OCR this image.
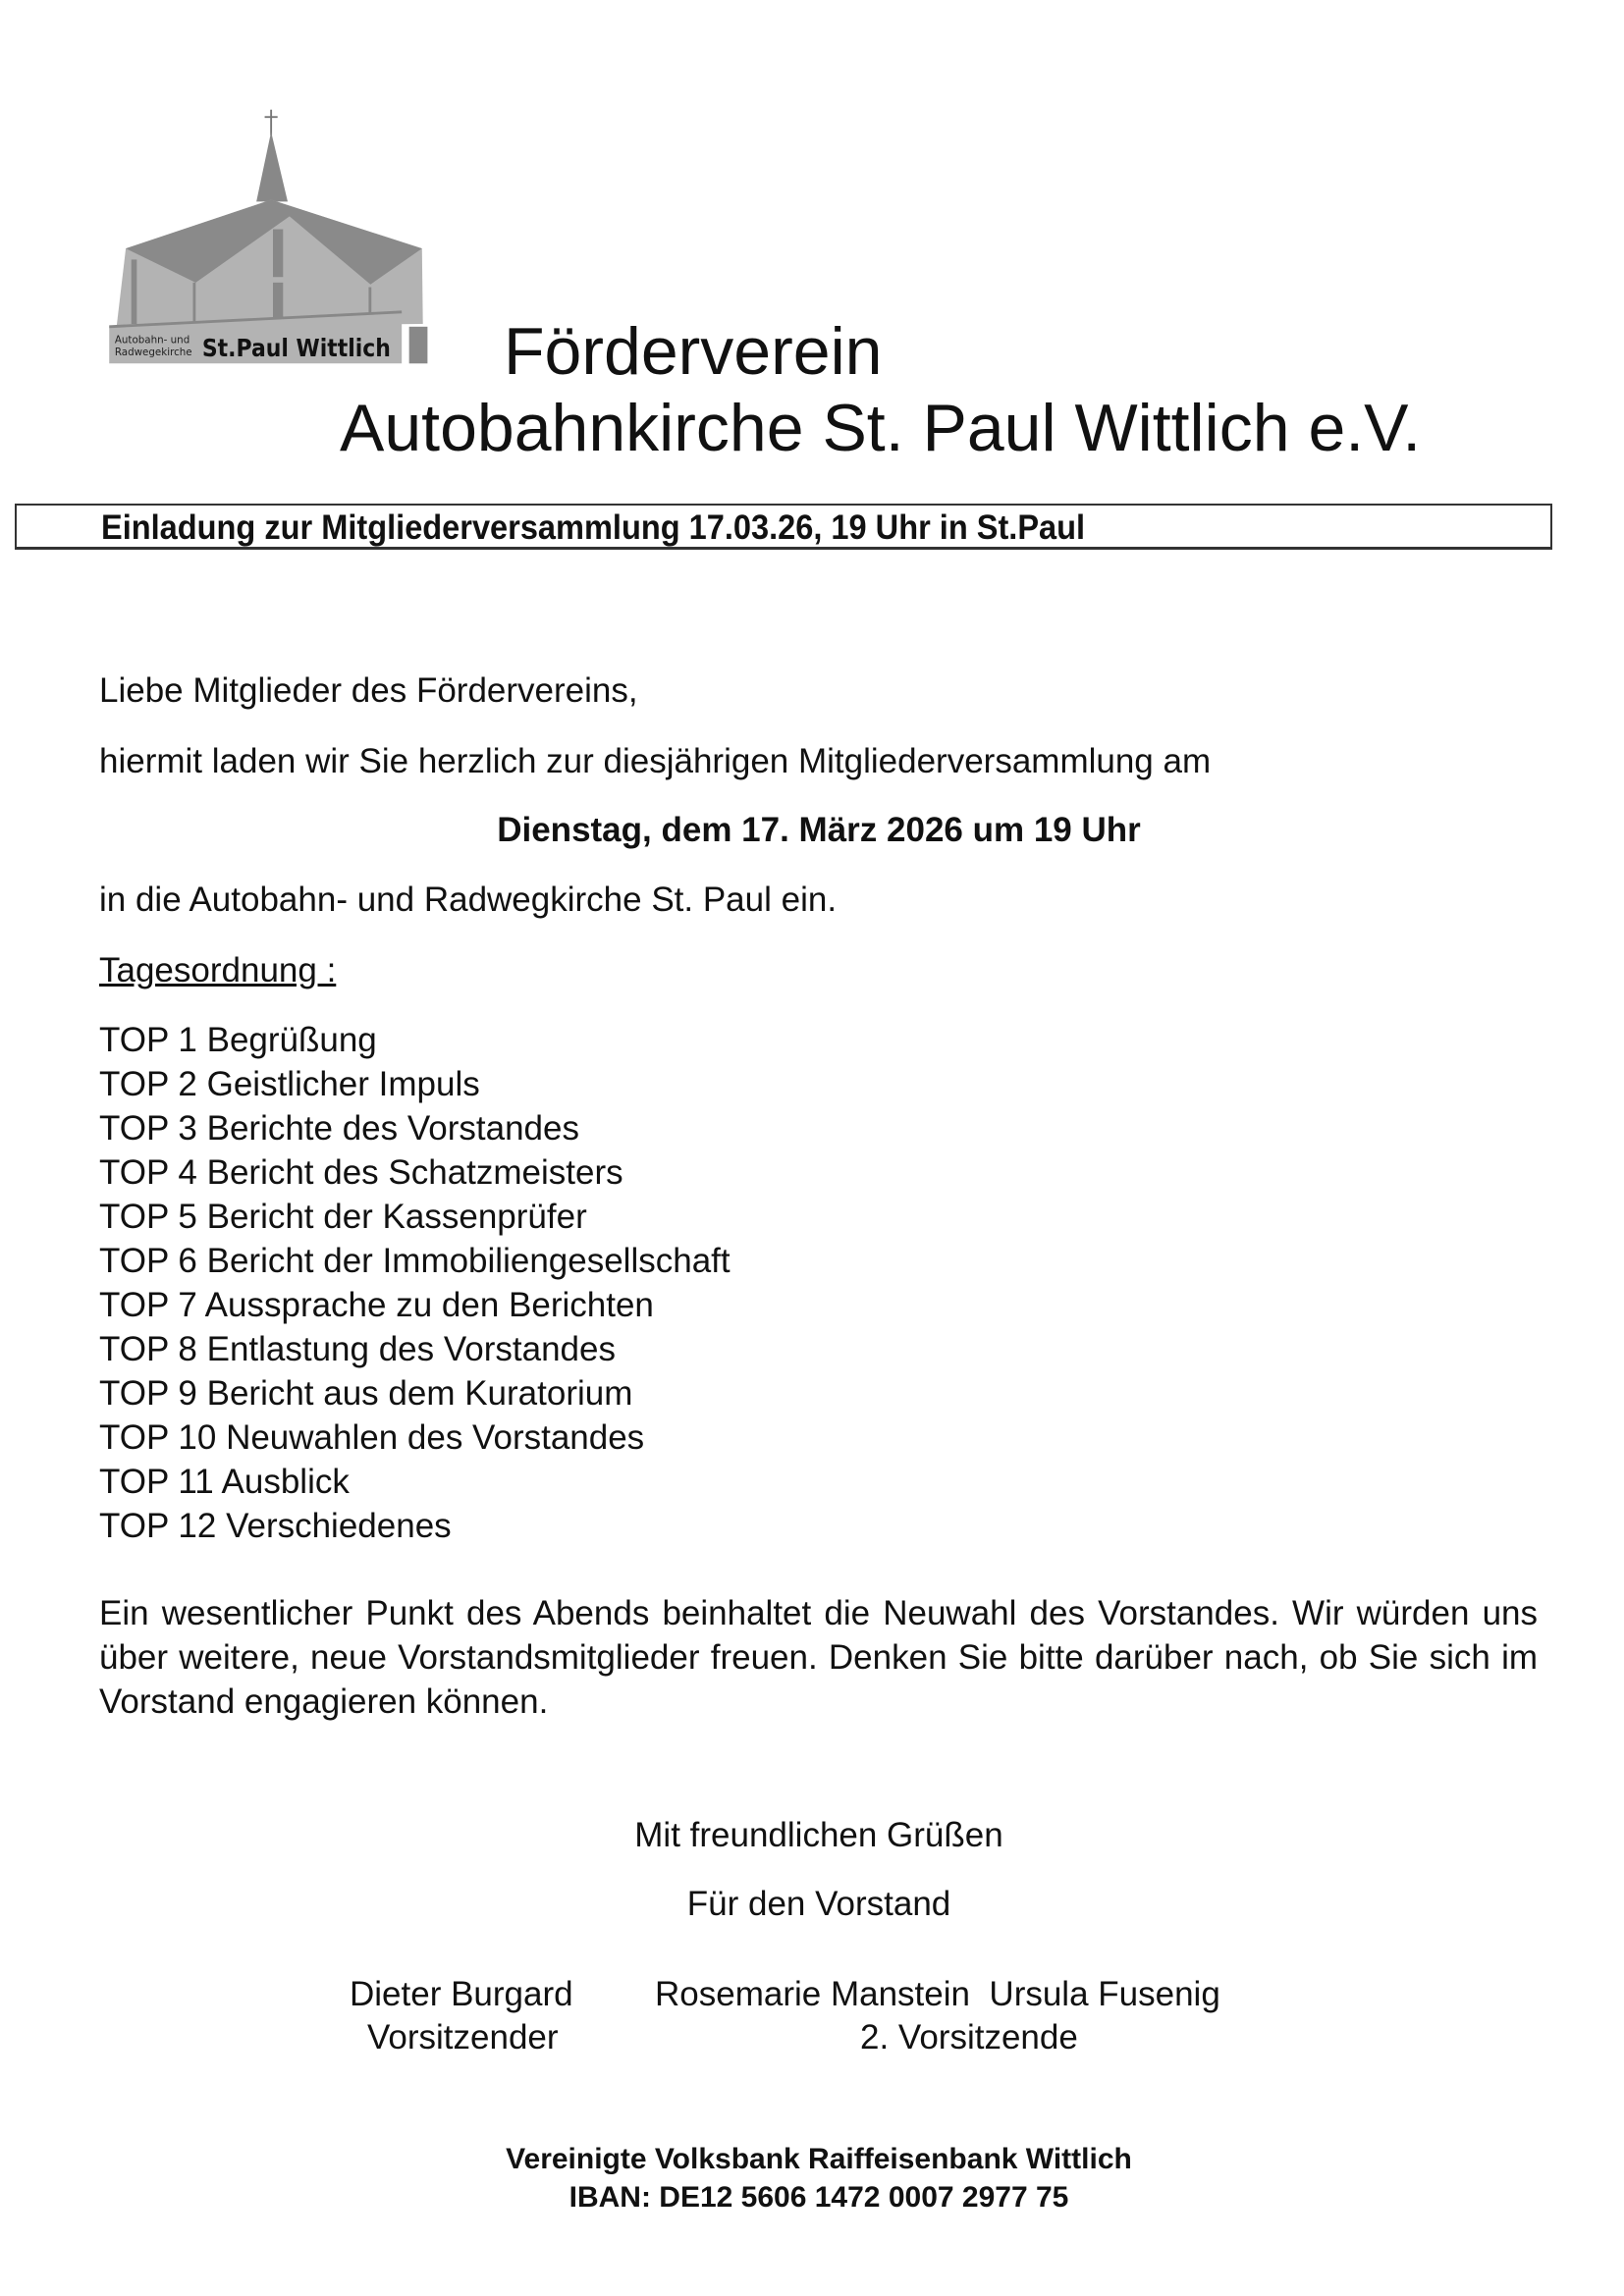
Autobahn- und
Radwegekirche St.Paul Wittlich Förderverein
Autobahnkirche St. Paul Wittlich e.V.
Einladung zur Mitgliederversammlung 17.03.26, 19 Uhr in St.Paul
Liebe Mitglieder des Fördervereins,
hiermit laden wir Sie herzlich zur diesjährigen Mitgliederversammlung am
Dienstag, dem 17. März 2026 um 19 Uhr
in die Autobahn- und Radwegkirche St. Paul ein.
Tagesordnung :
TOP 1 Begrüßung
TOP 2 Geistlicher Impuls
TOP 3 Berichte des Vorstandes
TOP 4 Bericht des Schatzmeisters
TOP 5 Bericht der Kassenprüfer
TOP 6 Bericht der Immobiliengesellschaft
TOP 7 Aussprache zu den Berichten
TOP 8 Entlastung des Vorstandes
TOP 9 Bericht aus dem Kuratorium
TOP 10 Neuwahlen des Vorstandes
TOP 11 Ausblick
TOP 12 Verschiedenes
Ein wesentlicher Punkt des Abends beinhaltet die Neuwahl des Vorstandes. Wir würden uns über weitere, neue Vorstandsmitglieder freuen. Denken Sie bitte darüber nach, ob Sie sich im Vorstand engagieren können.
Mit freundlichen Grüßen
Für den Vorstand
Dieter Burgard
Vorsitzender
Rosemarie Manstein  Ursula Fusenig
2. Vorsitzende
Vereinigte Volksbank Raiffeisenbank Wittlich
IBAN: DE12 5606 1472 0007 2977 75
